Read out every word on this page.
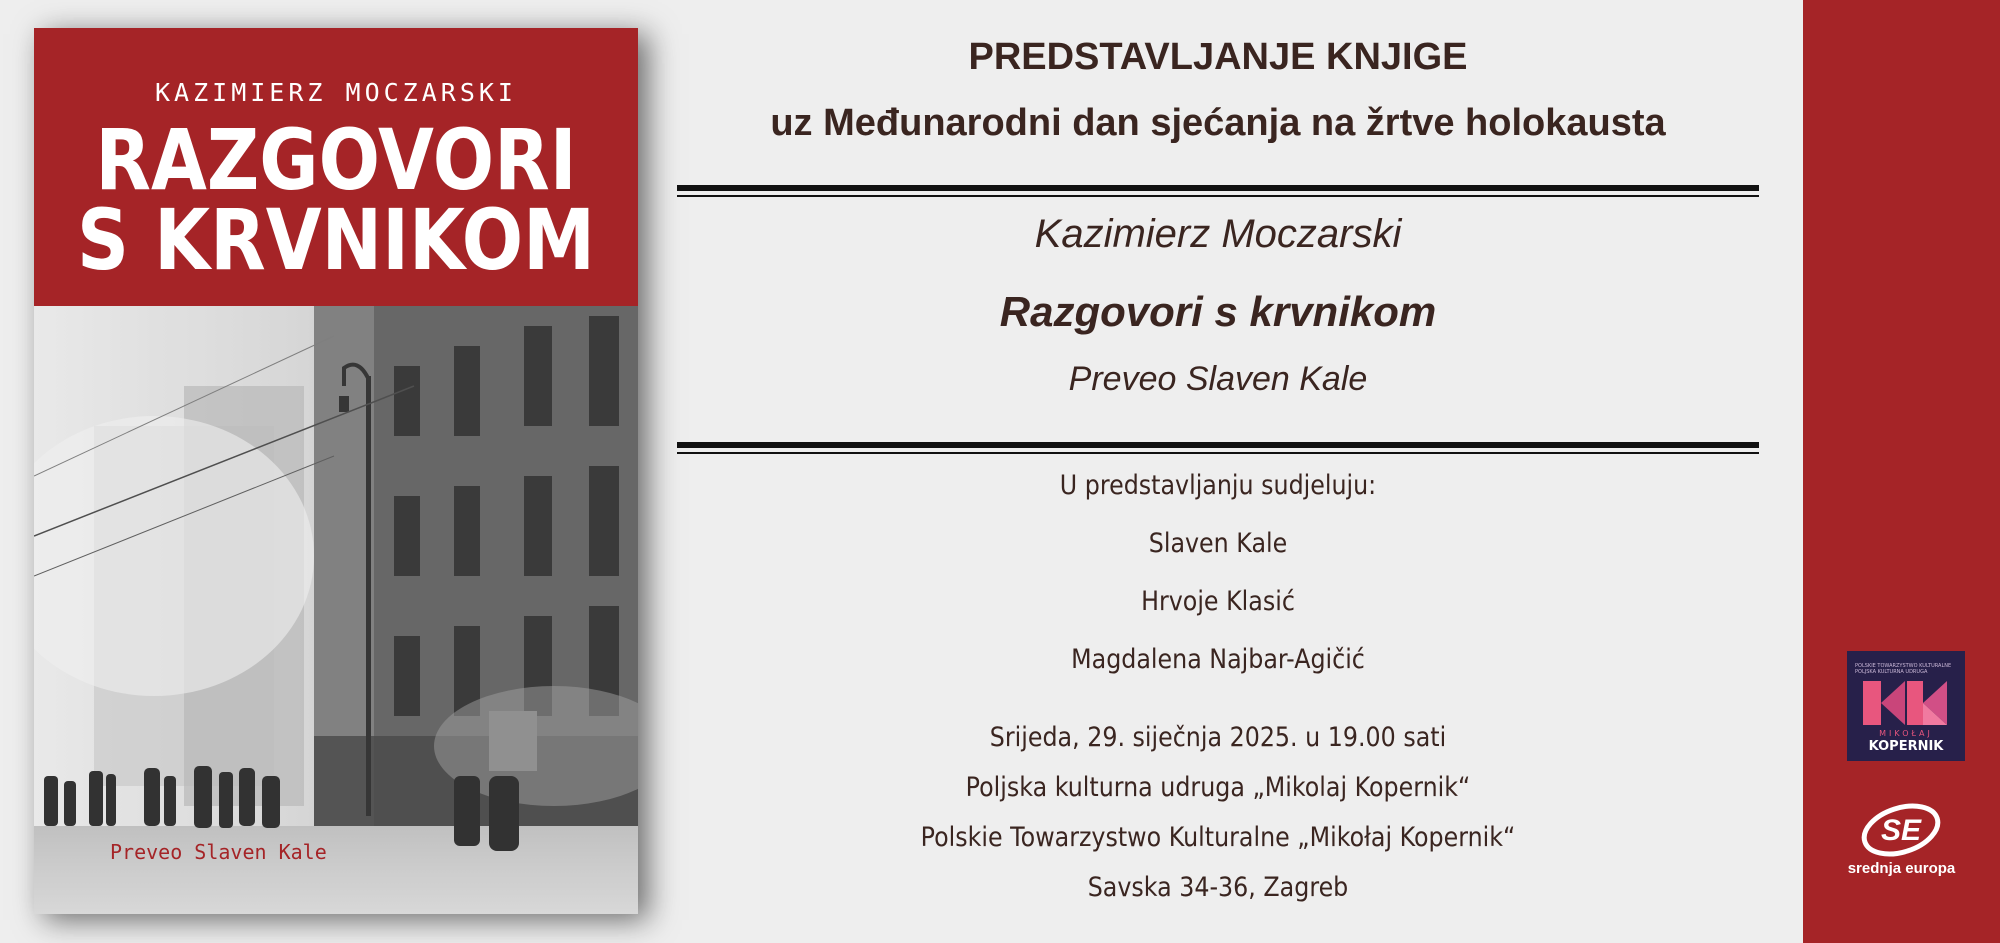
KAZIMIERZ MOCZARSKI
RAZGOVORI
S KRVNIKOM
Preveo Slaven Kale
PREDSTAVLJANJE KNJIGE
uz Međunarodni dan sjećanja na žrtve holokausta
Kazimierz Moczarski
Razgovori s krvnikom
Preveo Slaven Kale
U predstavljanju sudjeluju:
Slaven Kale
Hrvoje Klasić
Magdalena Najbar-Agičić
Srijeda, 29. siječnja 2025. u 19.00 sati
Poljska kulturna udruga „Mikolaj Kopernik“
Polskie Towarzystwo Kulturalne „Mikołaj Kopernik“
Savska 34-36, Zagreb
POLSKIE TOWARZYSTWO KULTURALNE POLJSKA KULTURNA UDRUGA
MIKOŁAJ
KOPERNIK
SE
srednja europa
